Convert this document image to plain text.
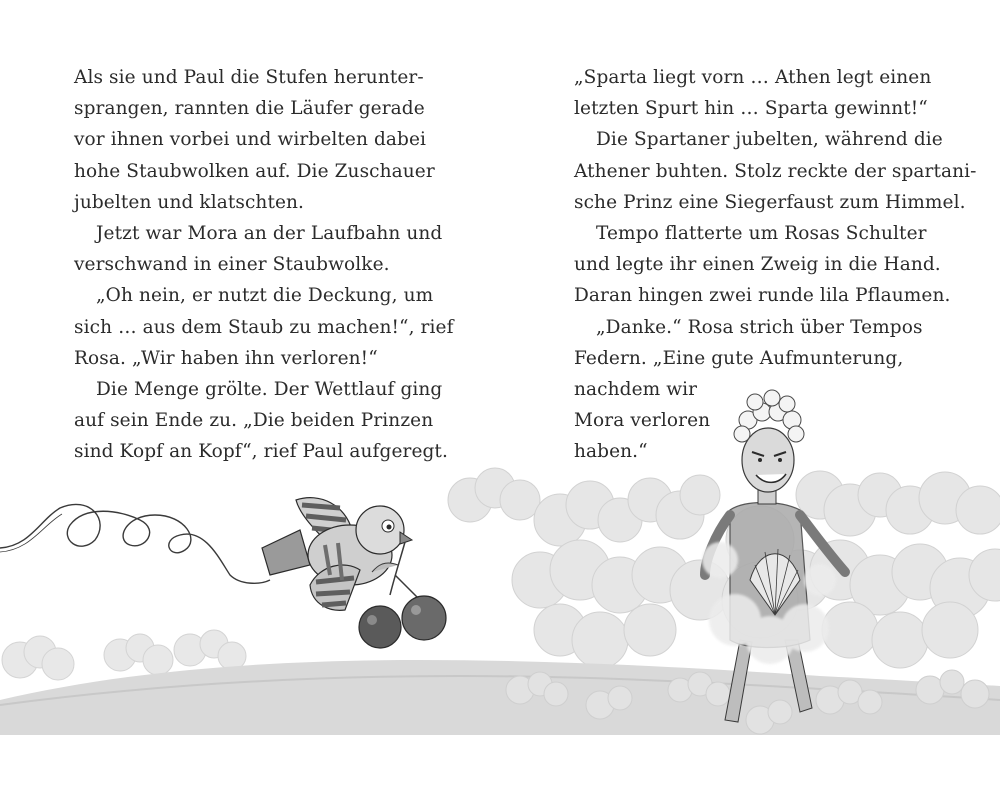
Als sie und Paul die Stufen herunter-
sprangen, rannten die Läufer gerade
vor ihnen vorbei und wirbelten dabei
hohe Staubwolken auf. Die Zuschauer
jubelten und klatschten.

Jetzt war Mora an der Laufbahn und
verschwand in einer Staubwolke.

„Oh nein, er nutzt die Deckung, um
sich … aus dem Staub zu machen!“, rief
Rosa. „Wir haben ihn verloren!“

Die Menge grölte. Der Wettlauf ging
auf sein Ende zu. „Die beiden Prinzen
sind Kopf an Kopf“, rief Paul aufgeregt.

„Sparta liegt vorn … Athen legt einen
letzten Spurt hin … Sparta gewinnt!“

Die Spartaner jubelten, während die
Athener buhten. Stolz reckte der spartani-
sche Prinz eine Siegerfaust zum Himmel.

Tempo flatterte um Rosas Schulter
und legte ihr einen Zweig in die Hand.
Daran hingen zwei runde lila Pflaumen.

„Danke.“ Rosa strich über Tempos
Federn. „Eine gute Aufmunterung,
nachdem wir
Mora verloren
haben.“
